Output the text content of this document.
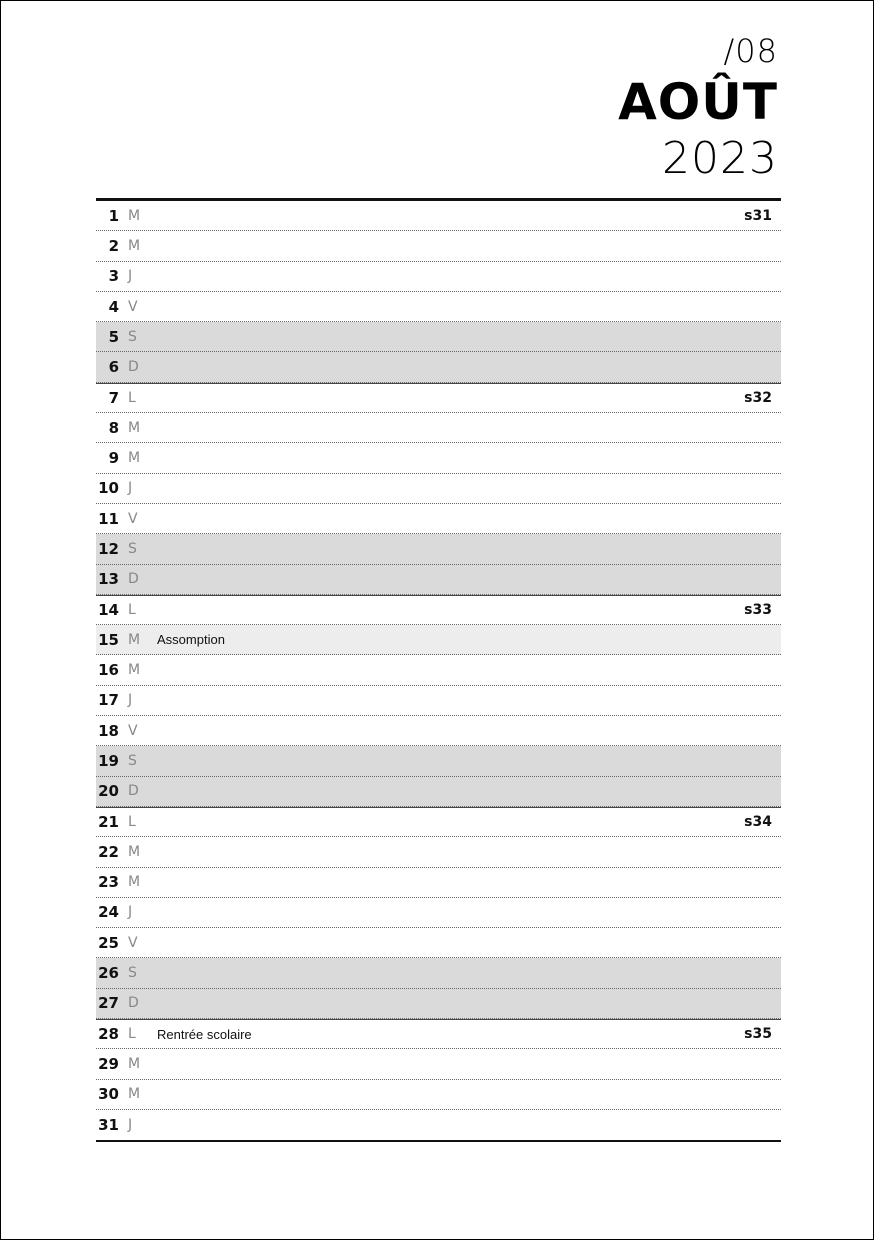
/08
AOÛT
2023
1 M	s31
2 M
3 J
4 V
5 S
6 D
7 L	s32
8 M
9 M
10 J
11 V
12 S
13 D
14 L	s33
15 M Assomption
16 M
17 J
18 V
19 S
20 D
21 L	s34
22 M
23 M
24 J
25 V
26 S
27 D
28 L Rentrée scolaire	s35
29 M
30 M
31 J
